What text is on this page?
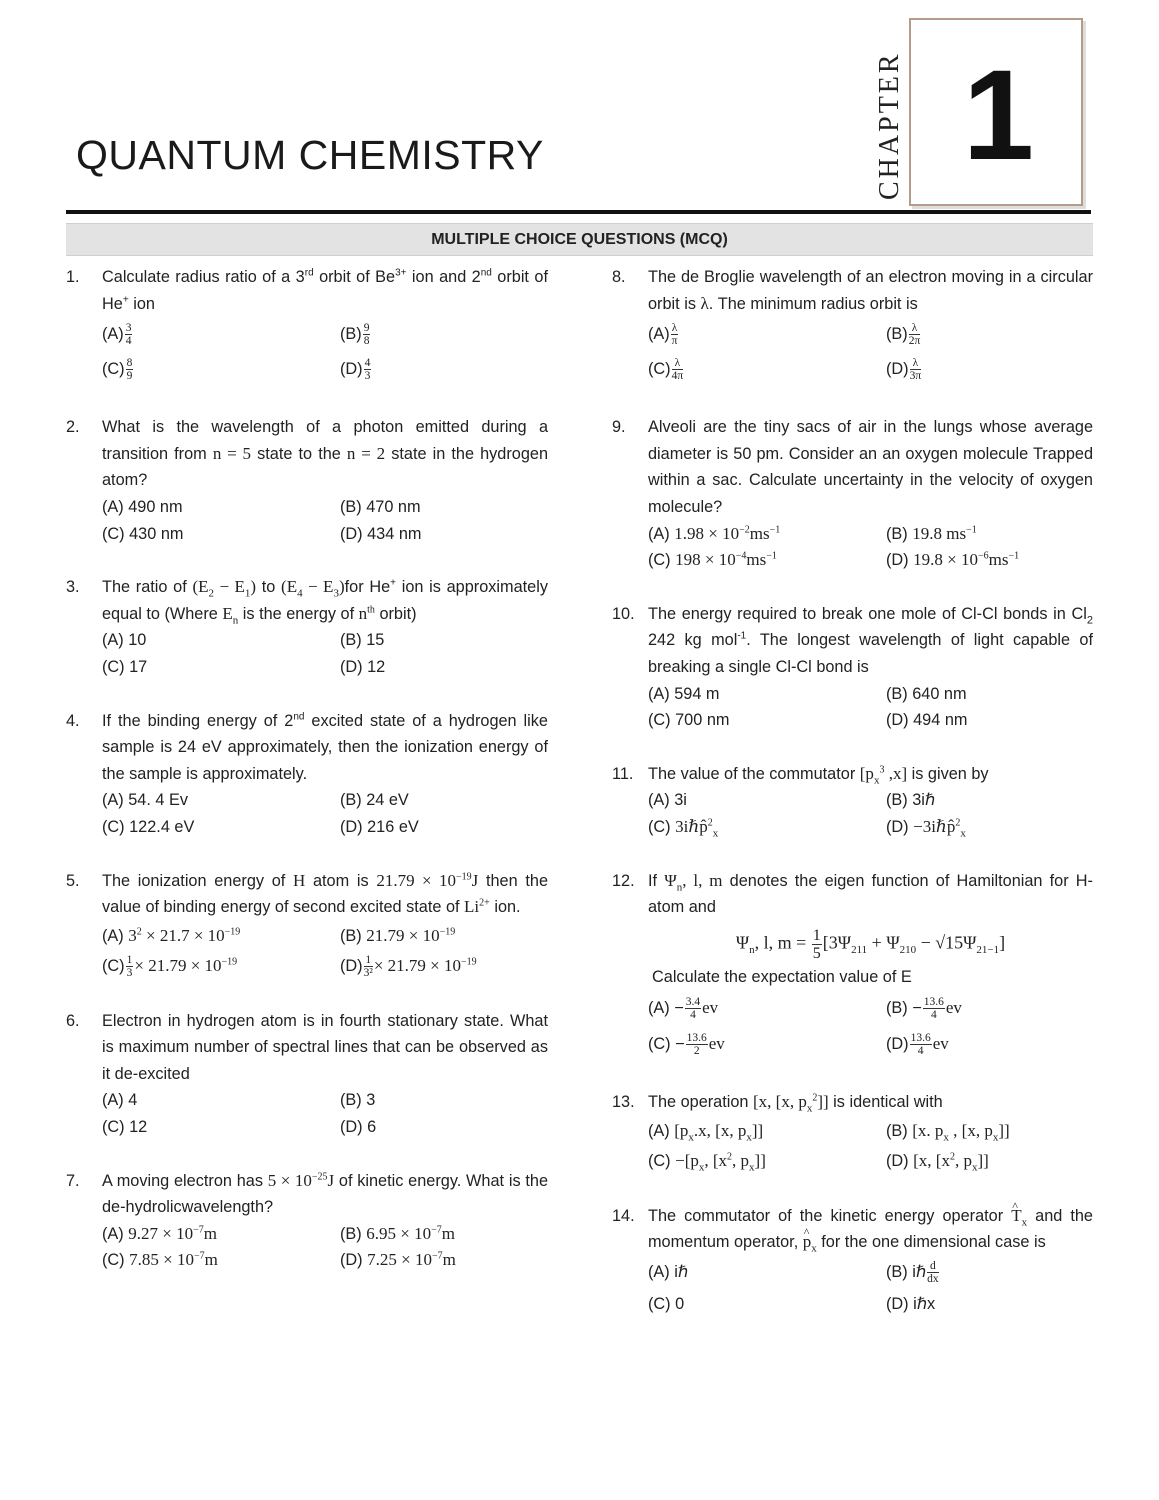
QUANTUM CHEMISTRY	CHAPTER 1
MULTIPLE CHOICE QUESTIONS (MCQ)
1. Calculate radius ratio of a 3rd orbit of $Be^{3+}$ ion and 2nd orbit of He+ ion
$(A) \frac{3}{4}$	$(B) \frac{9}{8}$
$(C) \frac{8}{9}$	$(D) \frac{4}{3}$
2. What is the wavelength of a photon emitted during a transition from n = 5 state to the n = 2 state in the hydrogen atom?
(A) 490 nm	(B) 470 nm
(C) 430 nm	(D) 434 nm
3. The ratio of $(E_2 - E_1)$ to $(E_4 - E_3)for$ He+ ion is approximately equal to (Where $E_n$ is the energy of $n^{th}$ orbit)
(A) 10	(B) 15
(C) 17	(D) 12
4. If the binding energy of 2nd excited state of a hydrogen like sample is 24 eV approximately, then the ionization energy of the sample is approximately.
(A) 54. 4 Ev	(B) 24 eV
(C) 122.4 eV	(D) 216 eV
5. The ionization energy of H atom is $21.79 \times 10^{-19}J$ then the value of binding energy of second excited state of $Li^{2+}$ ion.
(A) $3^2 \times 21.7 \times 10^{-19}$	(B) $21.79 \times 10^{-19}$
$(C) \frac{1}{3} \times 21.79 \times 10^{-19}$	$(D) \frac{1}{\text{3²}} \times 21.79 \times 10^{-19}$
6. Electron in hydrogen atom is in fourth stationary state. What is maximum number of spectral lines that can be observed as it de-excited
(A) 4	(B) 3
(C) 12	(D) 6
7. A moving electron has $5 \times 10^{-25}J$ of kinetic energy. What is the de-hydrolicwavelength?
(A) $9.27 \times 10^{-7}m$	(B) $6.95 \times 10^{-7}m$
(C) $7.85 \times 10^{-7}m$	(D) $7.25 \times 10^{-7}m$
8. The de Broglie wavelength of an electron moving in a circular orbit is λ. The minimum radius orbit is
$(A) \frac{\lambda}{\pi}$	$(B) \frac{\lambda}{2\pi}$
$(C) \frac{\lambda}{4\pi}$	$(D) \frac{\lambda}{3\pi}$
9. Alveoli are the tiny sacs of air in the lungs whose average diameter is 50 pm. Consider an an oxygen molecule Trapped within a sac. Calculate uncertainty in the velocity of oxygen molecule?
(A) $1.98 \times 10^{-2}ms^{-1}$	(B) 19.8 $ms^{-1}$
(C) $198 \times 10^{-4}ms^{-1}$	(D) $19.8 \times 10^{-6}ms^{-1}$
10. The energy required to break one mole of Cl-Cl bonds in $Cl_2$ 242 kg mol$^{-1}$. The longest wavelength of light capable of breaking a single Cl-Cl bond is
(A) 594 m	(B) 640 nm
(C) 700 nm	(D) 494 nm
11. The value of the commutator [$p_x^3$ ,x] is given by
(A) 3i	(B) 3iℏ
(C) 3iℏp̂$^2_x$	(D) −3iℏp̂$^2_x$
12. If $\Psi_n$, l, m denotes the eigen function of Hamiltonian for H-atom and
$\Psi_n$, l, $m = \frac{1}{5} [3\Psi_{211} + \Psi_{210} - √15\Psi_{21-1}]$
Calculate the expectation value of E
$(A) - \frac{3.4}{4}$ ev	$(B) - \frac{13.6}{4}$ ev
$(C) - \frac{13.6}{2}$ ev	$(D) \frac{13.6}{4}$ ev
13. The operation [x, [x, $p_x^2$]] is identical with
(A) [$p_x.x$, [x, $p_x$]]	(B) [x. $p_x$ , [x, $p_x$]]
$(C) -[p_x$, [$x^2$, $p_x$]]	(D) [x, [$x^2$, $p_x$]]
14. The commutator of the kinetic energy operator ^ $T_x$ and the momentum operator, ^ $p_x$ for the one dimensional case is
(A) iℏ	(B) iℏ $\frac{d}{dx}$
(C) 0	(D) iℏx
